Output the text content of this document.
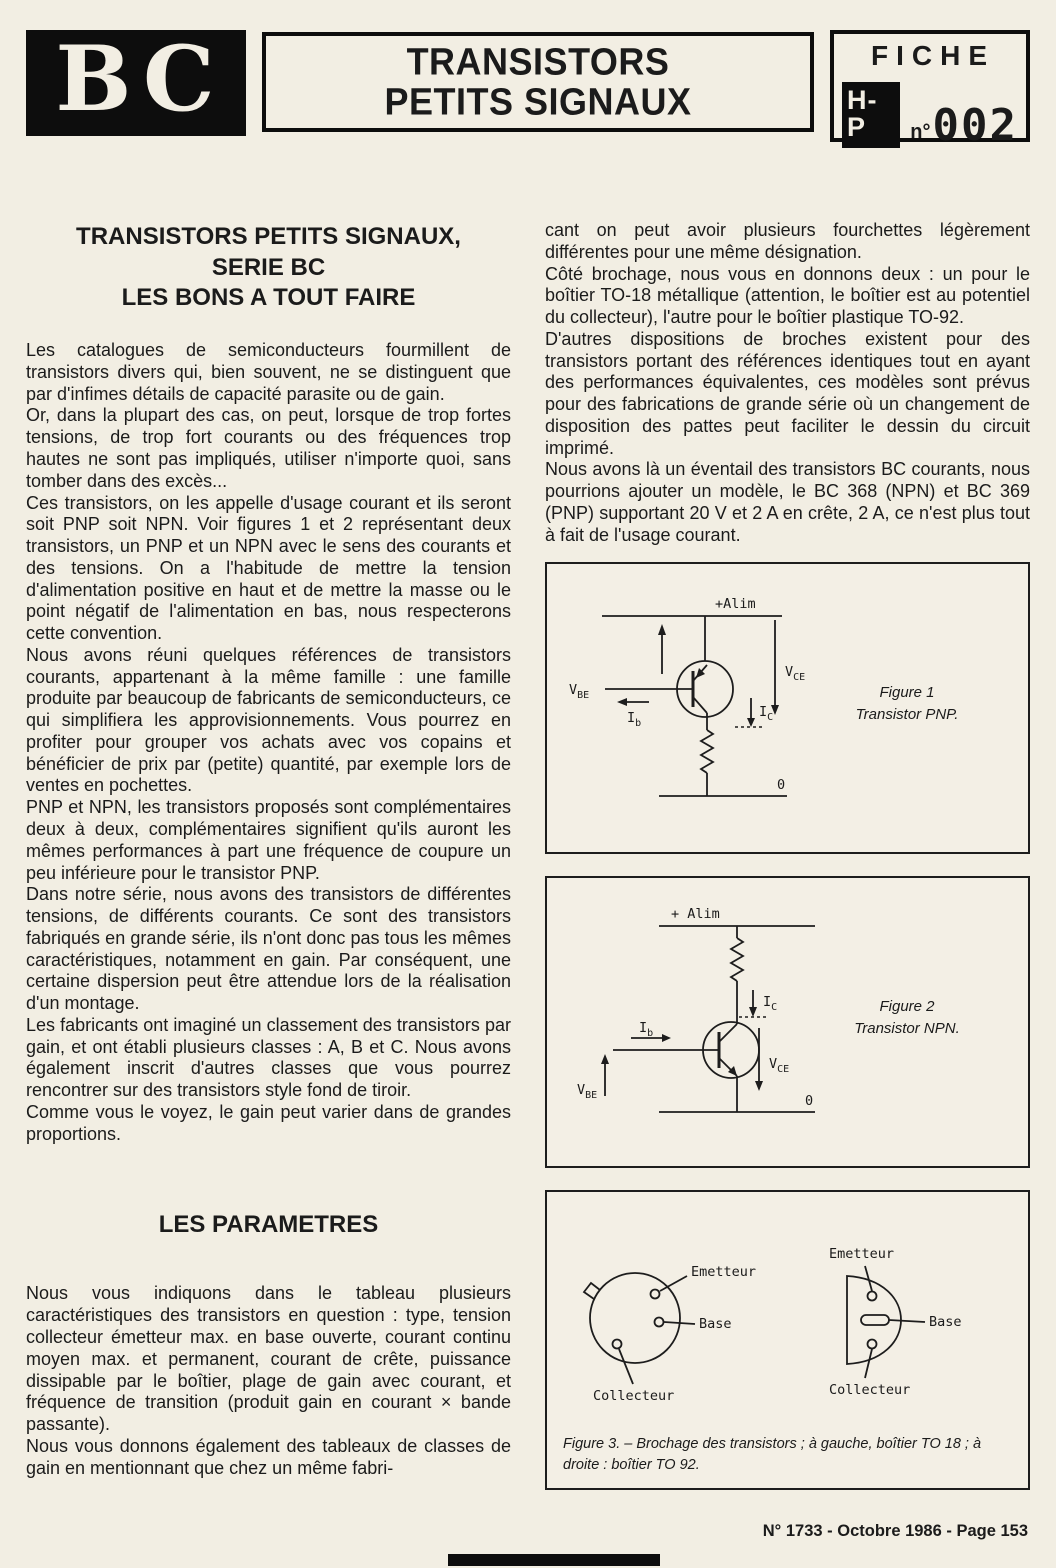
BC	TRANSISTORS
PETITS SIGNAUX
FICHE
H-P	n° 002
TRANSISTORS PETITS SIGNAUX,
SERIE BC
LES BONS A TOUT FAIRE

Les catalogues de semiconducteurs fourmillent de transistors divers qui, bien souvent, ne se distinguent que par d'infimes détails de capacité parasite ou de gain.

Or, dans la plupart des cas, on peut, lorsque de trop fortes tensions, de trop fort courants ou des fréquences trop hautes ne sont pas impliqués, utiliser n'importe quoi, sans tomber dans des excès...

Ces transistors, on les appelle d'usage courant et ils seront soit PNP soit NPN. Voir figures 1 et 2 représentant deux transistors, un PNP et un NPN avec le sens des courants et des tensions. On a l'habitude de mettre la tension d'alimentation positive en haut et de mettre la masse ou le point négatif de l'alimentation en bas, nous respecterons cette convention.

Nous avons réuni quelques références de transistors courants, appartenant à la même famille : une famille produite par beaucoup de fabricants de semiconducteurs, ce qui simplifiera les approvisionnements. Vous pourrez en profiter pour grouper vos achats avec vos copains et bénéficier de prix par (petite) quantité, par exemple lors de ventes en pochettes.

PNP et NPN, les transistors proposés sont complémentaires deux à deux, complémentaires signifient qu'ils auront les mêmes performances à part une fréquence de coupure un peu inférieure pour le transistor PNP.

Dans notre série, nous avons des transistors de différentes tensions, de différents courants. Ce sont des transistors fabriqués en grande série, ils n'ont donc pas tous les mêmes caractéristiques, notamment en gain. Par conséquent, une certaine dispersion peut être attendue lors de la réalisation d'un montage.

Les fabricants ont imaginé un classement des transistors par gain, et ont établi plusieurs classes : A, B et C. Nous avons également inscrit d'autres classes que vous pourrez rencontrer sur des transistors style fond de tiroir.

Comme vous le voyez, le gain peut varier dans de grandes proportions.

LES PARAMETRES

Nous vous indiquons dans le tableau plusieurs caractéristiques des transistors en question : type, tension collecteur émetteur max. en base ouverte, courant continu moyen max. et permanent, courant de crête, puissance dissipable par le boîtier, plage de gain avec courant, et fréquence de transition (produit gain en courant × bande passante).

Nous vous donnons également des tableaux de classes de gain en mentionnant que chez un même fabri-

cant on peut avoir plusieurs fourchettes légèrement différentes pour une même désignation.

Côté brochage, nous vous en donnons deux : un pour le boîtier TO-18 métallique (attention, le boîtier est au potentiel du collecteur), l'autre pour le boîtier plastique TO-92.

D'autres dispositions de broches existent pour des transistors portant des références identiques tout en ayant des performances équivalentes, ces modèles sont prévus pour des fabrications de grande série où un changement de disposition des pattes peut faciliter le dessin du circuit imprimé.

Nous avons là un éventail des transistors BC courants, nous pourrions ajouter un modèle, le BC 368 (NPN) et BC 369 (PNP) supportant 20 V et 2 A en crête, 2 A, ce n'est plus tout à fait de l'usage courant.

+Alim
$V_{BE}$
$I_b$
$V_{CE}$
$I_C$
0
Figure 1
Transistor PNP.
+ Alim
$I_b$
$I_C$
$V_{BE}$
$V_{CE}$
0
Figure 2
Transistor NPN.
Emetteur
Base
Collecteur
Emetteur
Base
Collecteur
Figure 3. – Brochage des transistors ; à gauche, boîtier TO 18 ; à droite : boîtier TO 92.
N° 1733 - Octobre 1986 - Page 153
